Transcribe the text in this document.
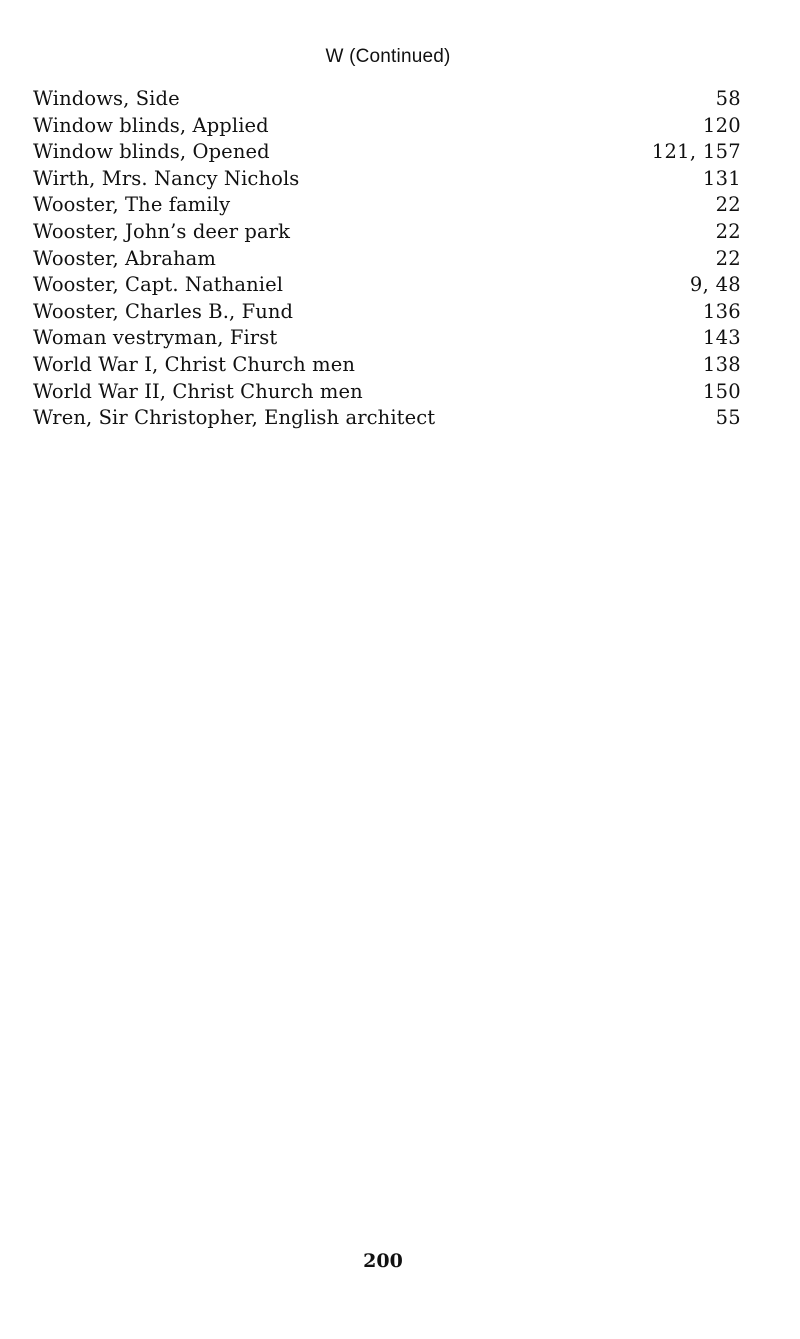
W (Continued)
Windows, Side	58
Window blinds, Applied	120
Window blinds, Opened	121, 157
Wirth, Mrs. Nancy Nichols	131
Wooster, The family	22
Wooster, John’s deer park	22
Wooster, Abraham	22
Wooster, Capt. Nathaniel	9, 48
Wooster, Charles B., Fund	136
Woman vestryman, First	143
World War I, Christ Church men	138
World War II, Christ Church men	150
Wren, Sir Christopher, English architect	55
200
